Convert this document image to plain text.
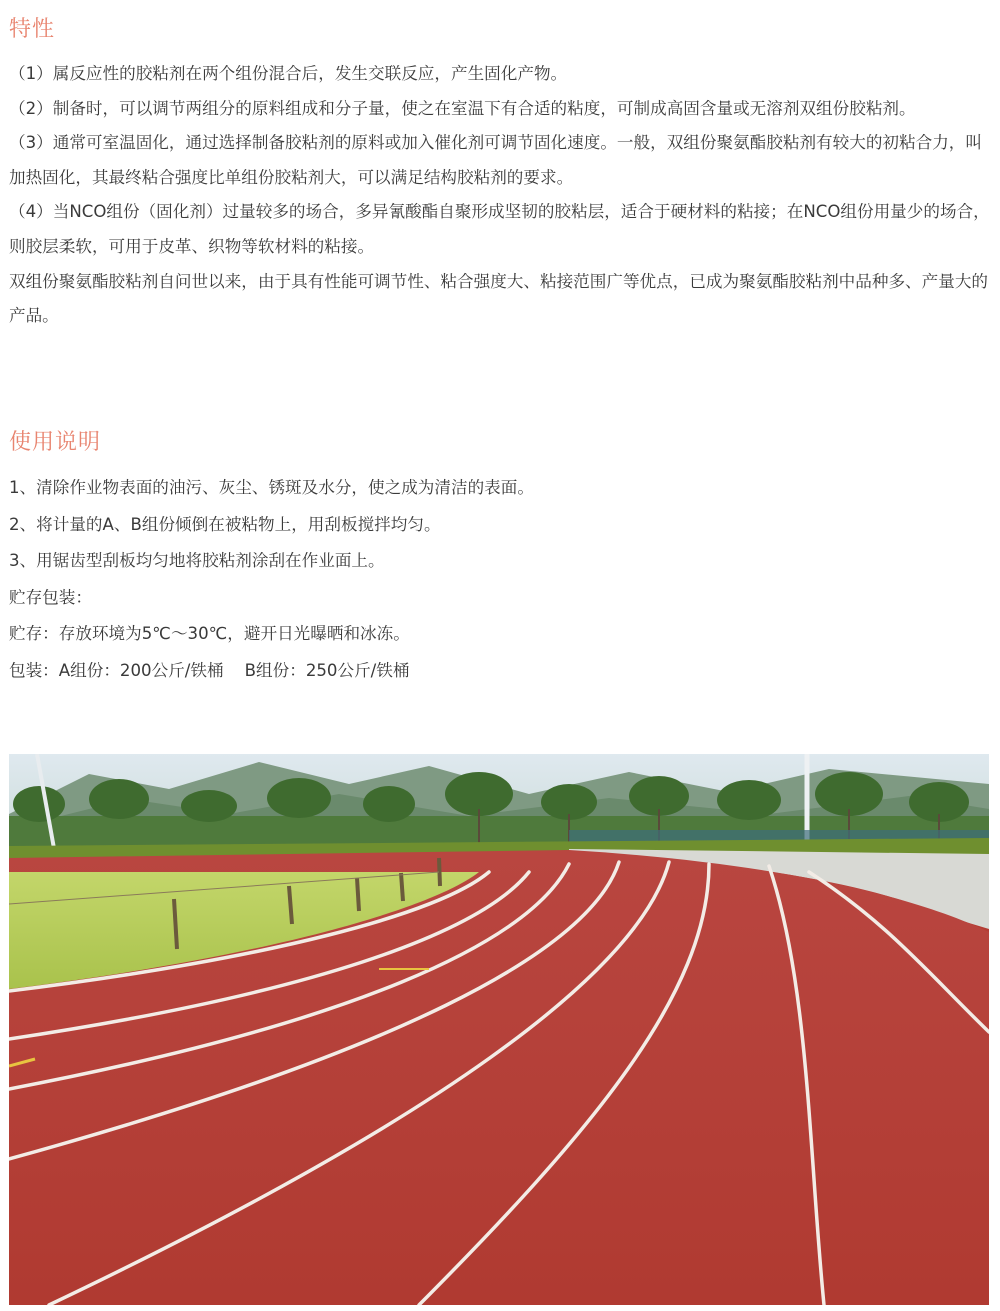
特性

（1）属反应性的胶粘剂在两个组份混合后，发生交联反应，产生固化产物。

（2）制备时，可以调节两组分的原料组成和分子量，使之在室温下有合适的粘度，可制成高固含量或无溶剂双组份胶粘剂。

（3）通常可室温固化，通过选择制备胶粘剂的原料或加入催化剂可调节固化速度。一般，双组份聚氨酯胶粘剂有较大的初粘合力，叫加热固化，其最终粘合强度比单组份胶粘剂大，可以满足结构胶粘剂的要求。

（4）当NCO组份（固化剂）过量较多的场合，多异氰酸酯自聚形成坚韧的胶粘层，适合于硬材料的粘接；在NCO组份用量少的场合，则胶层柔软，可用于皮革、织物等软材料的粘接。

双组份聚氨酯胶粘剂自问世以来，由于具有性能可调节性、粘合强度大、粘接范围广等优点，已成为聚氨酯胶粘剂中品种多、产量大的产品。

使用说明

1、清除作业物表面的油污、灰尘、锈斑及水分，使之成为清洁的表面。

2、将计量的A、B组份倾倒在被粘物上，用刮板搅拌均匀。

3、用锯齿型刮板均匀地将胶粘剂涂刮在作业面上。

贮存包装：

贮存：存放环境为5℃～30℃，避开日光曝晒和冰冻。

包装：A组份：200公斤/铁桶    B组份：250公斤/铁桶
